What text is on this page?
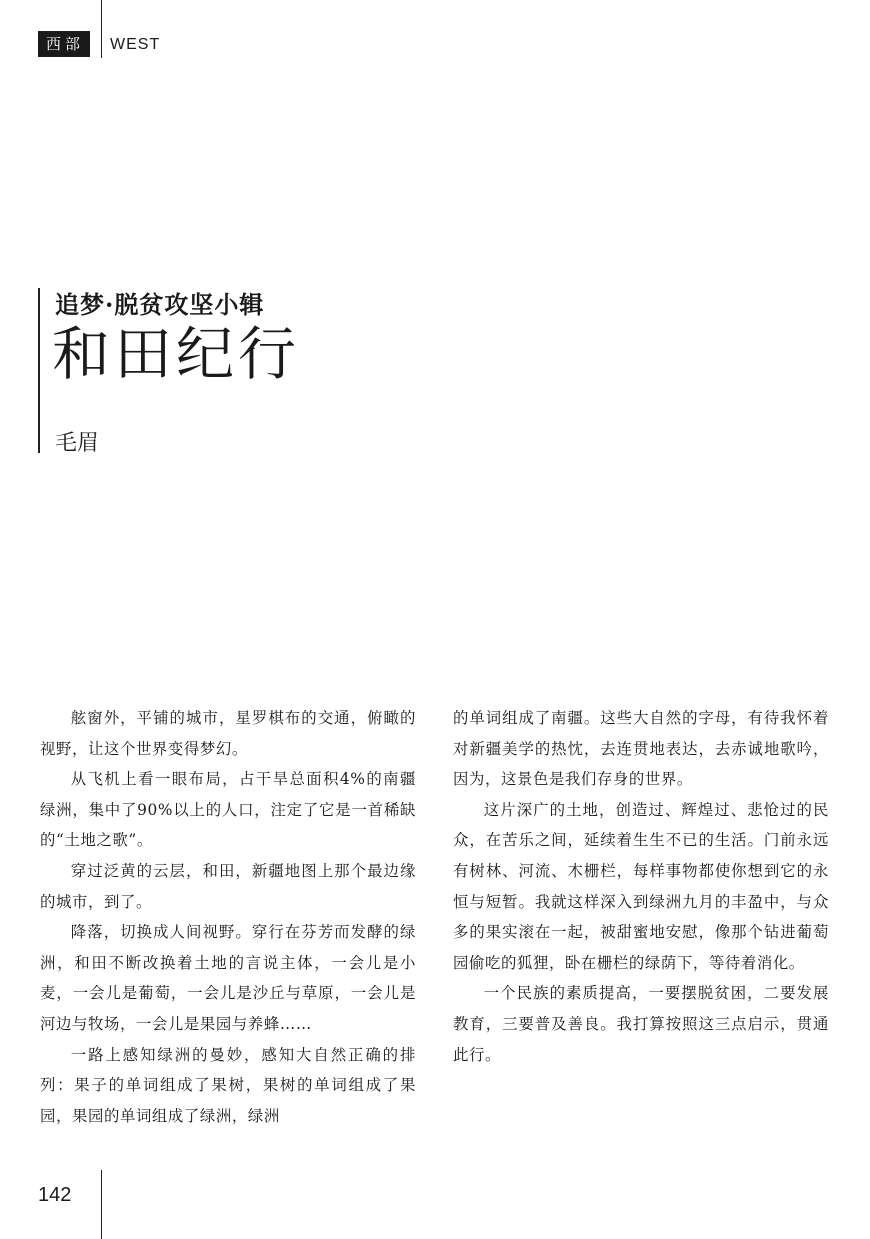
西部	WEST
追梦·脱贫攻坚小辑
和田纪行
毛眉

舷窗外，平铺的城市，星罗棋布的交通，俯瞰的视野，让这个世界变得梦幻。

从飞机上看一眼布局，占干旱总面积4%的南疆绿洲，集中了90%以上的人口，注定了它是一首稀缺的“土地之歌”。

穿过泛黄的云层，和田，新疆地图上那个最边缘的城市，到了。

降落，切换成人间视野。穿行在芬芳而发酵的绿洲，和田不断改换着土地的言说主体，一会儿是小麦，一会儿是葡萄，一会儿是沙丘与草原，一会儿是河边与牧场，一会儿是果园与养蜂……

一路上感知绿洲的曼妙，感知大自然正确的排列：果子的单词组成了果树，果树的单词组成了果园，果园的单词组成了绿洲，绿洲

的单词组成了南疆。这些大自然的字母，有待我怀着对新疆美学的热忱，去连贯地表达，去赤诚地歌吟，因为，这景色是我们存身的世界。

这片深广的土地，创造过、辉煌过、悲怆过的民众，在苦乐之间，延续着生生不已的生活。门前永远有树林、河流、木栅栏，每样事物都使你想到它的永恒与短暂。我就这样深入到绿洲九月的丰盈中，与众多的果实滚在一起，被甜蜜地安慰，像那个钻进葡萄园偷吃的狐狸，卧在栅栏的绿荫下，等待着消化。

一个民族的素质提高，一要摆脱贫困，二要发展教育，三要普及善良。我打算按照这三点启示，贯通此行。

142
